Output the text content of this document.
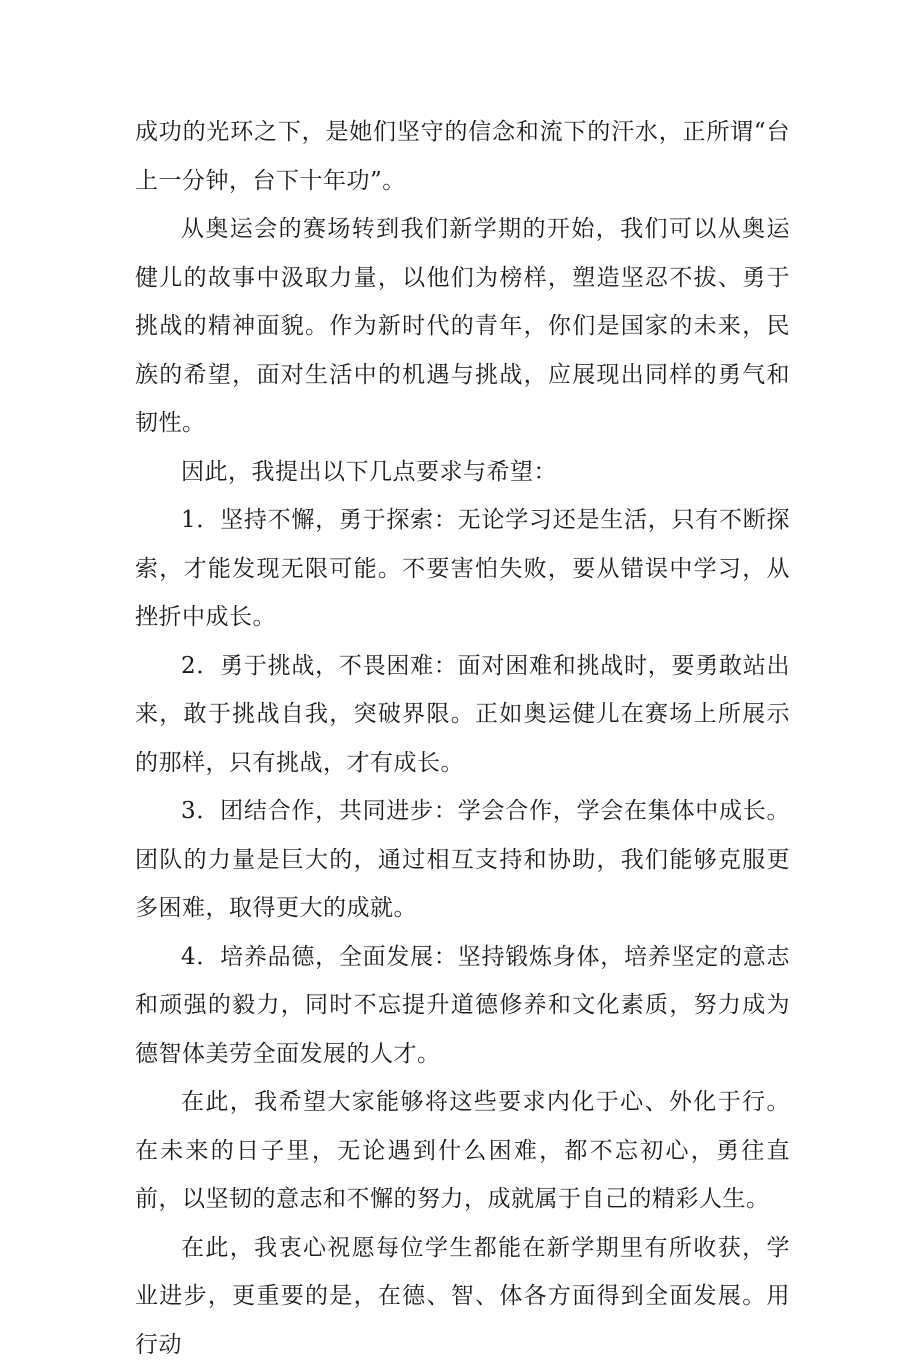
成功的光环之下，是她们坚守的信念和流下的汗水，正所谓“台上一分钟，台下十年功”。

从奥运会的赛场转到我们新学期的开始，我们可以从奥运健儿的故事中汲取力量，以他们为榜样，塑造坚忍不拔、勇于挑战的精神面貌。作为新时代的青年，你们是国家的未来，民族的希望，面对生活中的机遇与挑战，应展现出同样的勇气和韧性。

因此，我提出以下几点要求与希望：

1．坚持不懈，勇于探索：无论学习还是生活，只有不断探索，才能发现无限可能。不要害怕失败，要从错误中学习，从挫折中成长。

2．勇于挑战，不畏困难：面对困难和挑战时，要勇敢站出来，敢于挑战自我，突破界限。正如奥运健儿在赛场上所展示的那样，只有挑战，才有成长。

3．团结合作，共同进步：学会合作，学会在集体中成长。团队的力量是巨大的，通过相互支持和协助，我们能够克服更多困难，取得更大的成就。

4．培养品德，全面发展：坚持锻炼身体，培养坚定的意志和顽强的毅力，同时不忘提升道德修养和文化素质，努力成为德智体美劳全面发展的人才。

在此，我希望大家能够将这些要求内化于心、外化于行。在未来的日子里，无论遇到什么困难，都不忘初心，勇往直前，以坚韧的意志和不懈的努力，成就属于自己的精彩人生。

在此，我衷心祝愿每位学生都能在新学期里有所收获，学业进步，更重要的是，在德、智、体各方面得到全面发展。用行动
